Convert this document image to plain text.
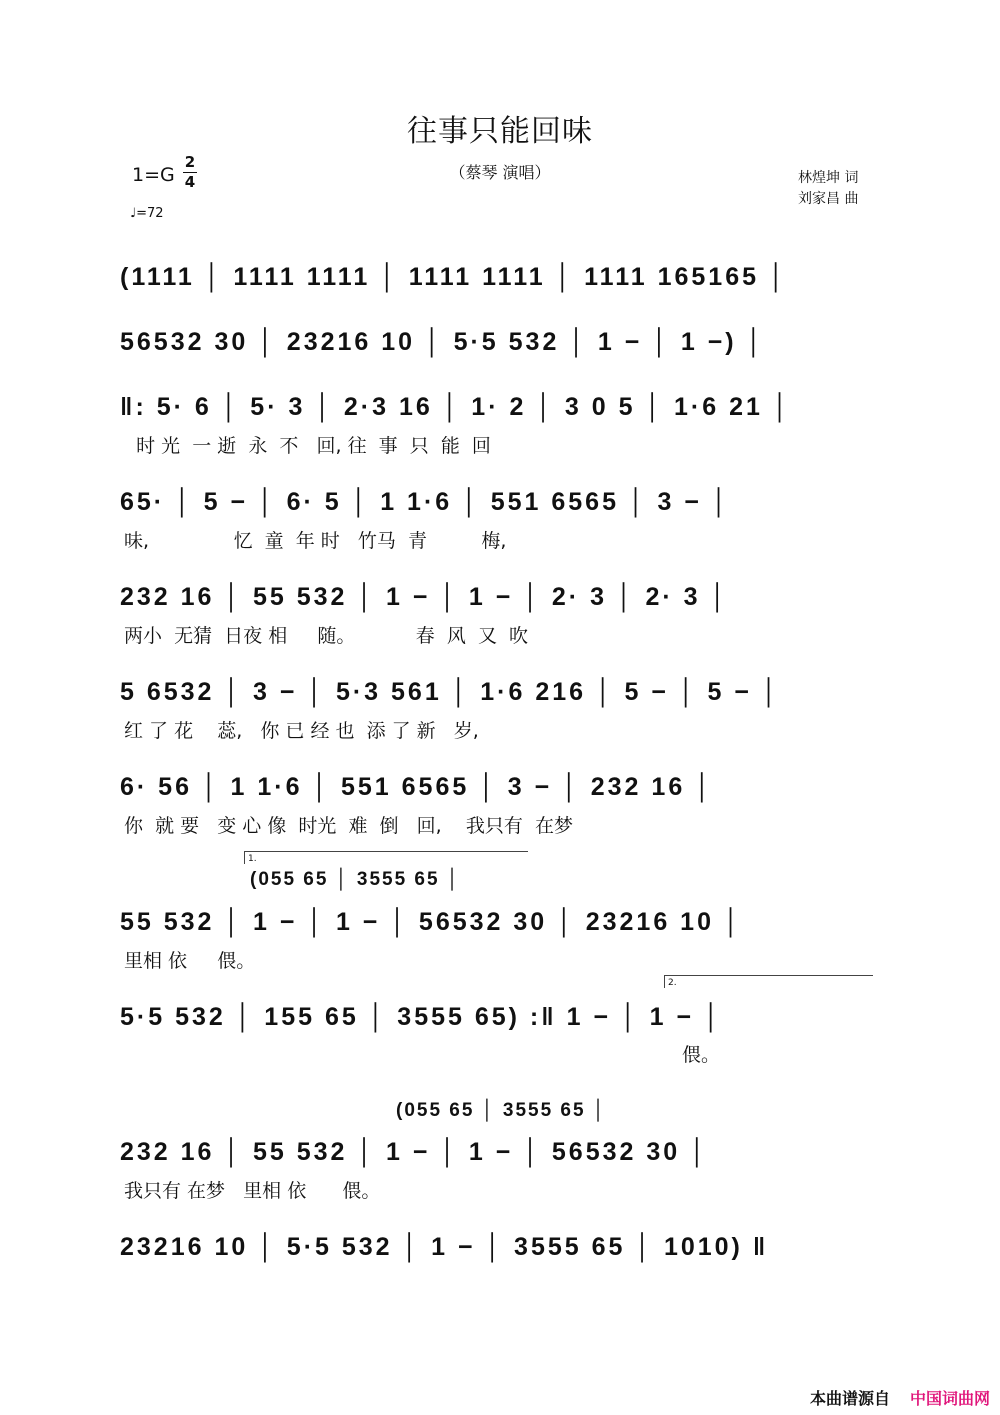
往事只能回味
（蔡琴 演唱）
1=G
2
4
♩=72
林煌坤 词
刘家昌 曲
(1111 │ 1111 1111 │ 1111 1111 │ 1111 165165 │
56532 30 │ 23216 10 │ 5·5 532 │ 1 − │ 1 −) │
‖: 5· 6 │ 5· 3 │ 2·3 16 │ 1· 2 │ 3 0 5 │ 1·6 21 │
时 光  一 逝  永  不   回, 往  事  只  能  回
65· │ 5 − │ 6· 5 │ 1 1·6 │ 551 6565 │ 3 − │
味,              忆  童  年 时   竹马  青         梅,
232 16 │ 55 532 │ 1 − │ 1 − │ 2· 3 │ 2· 3 │
两小  无猜  日夜 相     随。          春  风  又  吹
5 6532 │ 3 − │ 5·3 561 │ 1·6 216 │ 5 − │ 5 − │
红 了 花    蕊,   你 已 经 也  添 了 新   岁,
6· 56 │ 1 1·6 │ 551 6565 │ 3 − │ 232 16 │
你  就 要   变 心 像  时光  难  倒   回,    我只有  在梦
1.
(055 65 │ 3555 65 │
55 532 │ 1 − │ 1 − │ 56532 30 │ 23216 10 │
里相 依     偎。
2.
5·5 532 │ 155 65 │ 3555 65) :‖ 1 − │ 1 − │
偎。
(055 65 │ 3555 65 │
232 16 │ 55 532 │ 1 − │ 1 − │ 56532 30 │
我只有 在梦   里相 依      偎。
23216 10 │ 5·5 532 │ 1 − │ 3555 65 │ 1010) ‖
本曲谱源自 中国词曲网
